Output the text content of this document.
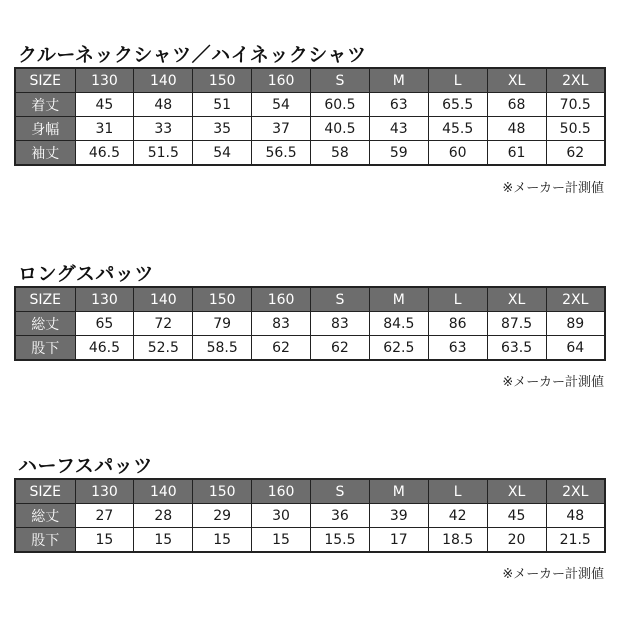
クルーネックシャツ／ハイネックシャツ
SIZE	130	140	150	160	S	M	L	XL	2XL
着丈	45	48	51	54	60.5	63	65.5	68	70.5
身幅	31	33	35	37	40.5	43	45.5	48	50.5
袖丈	46.5	51.5	54	56.5	58	59	60	61	62
※メーカー計測値
ロングスパッツ
SIZE	130	140	150	160	S	M	L	XL	2XL
総丈	65	72	79	83	83	84.5	86	87.5	89
股下	46.5	52.5	58.5	62	62	62.5	63	63.5	64
※メーカー計測値
ハーフスパッツ
SIZE	130	140	150	160	S	M	L	XL	2XL
総丈	27	28	29	30	36	39	42	45	48
股下	15	15	15	15	15.5	17	18.5	20	21.5
※メーカー計測値
